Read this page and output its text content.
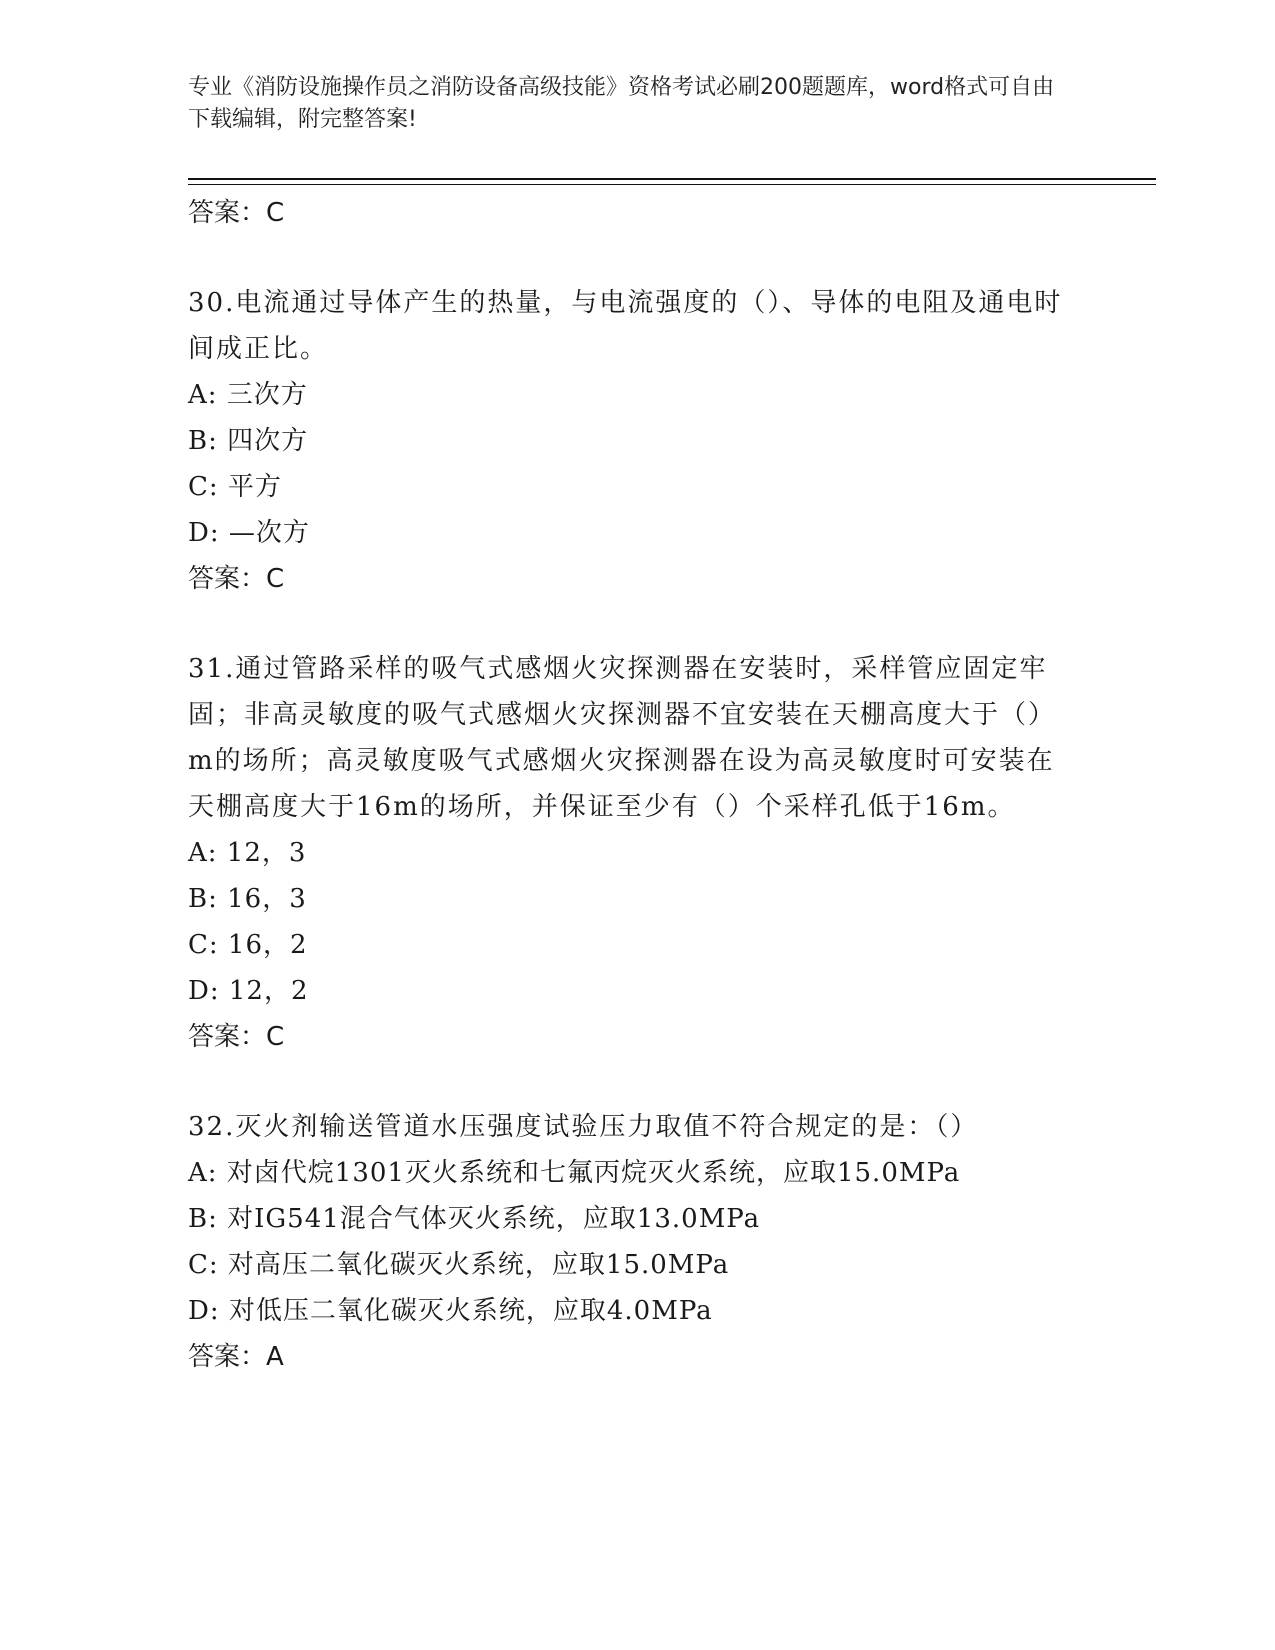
专业《消防设施操作员之消防设备高级技能》资格考试必刷200题题库，word格式可自由下载编辑，附完整答案!
答案：C
30.电流通过导体产生的热量，与电流强度的（）、导体的电阻及通电时间成正比。
A: 三次方
B: 四次方
C: 平方
D: —次方
答案：C
31.通过管路采样的吸气式感烟火灾探测器在安装时，采样管应固定牢固；非高灵敏度的吸气式感烟火灾探测器不宜安装在天棚高度大于（）m的场所；高灵敏度吸气式感烟火灾探测器在设为高灵敏度时可安装在天棚高度大于16m的场所，并保证至少有（）个采样孔低于16m。
A: 12，3
B: 16，3
C: 16，2
D: 12，2
答案：C
32.灭火剂输送管道水压强度试验压力取值不符合规定的是：（）
A: 对卤代烷1301灭火系统和七氟丙烷灭火系统，应取15.0MPa
B: 对IG541混合气体灭火系统，应取13.0MPa
C: 对高压二氧化碳灭火系统，应取15.0MPa
D: 对低压二氧化碳灭火系统，应取4.0MPa
答案：A
